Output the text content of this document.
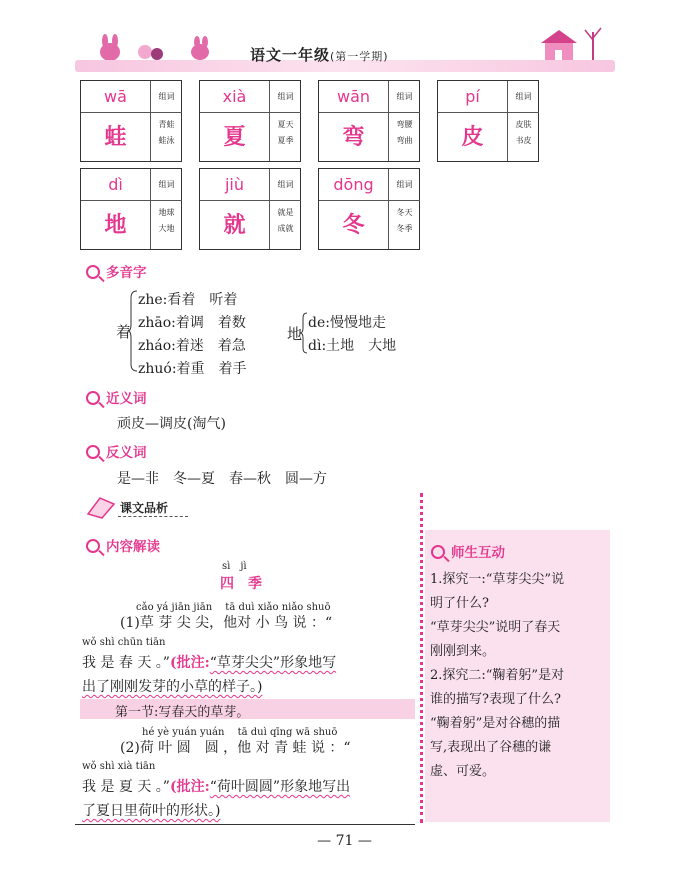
语文一年级(第一学期)
wā	组词
蛙	青蛙
蛙泳
xià	组词
夏	夏天
夏季
wān	组词
弯	弯腰
弯曲
pí	组词
皮	皮肤
书皮
dì	组词
地	地球
大地
jiù	组词
就	就是
成就
dōng	组词
冬	冬天
冬季
多音字
着
zhe:看着　听着
zhāo:着调　着数
zháo:着迷　着急
zhuó:着重　着手
地
de:慢慢地走
dì:土地　大地
近义词
顽皮—调皮(淘气)
反义词
是—非　冬—夏　春—秋　圆—方
课文品析
内容解读
sì　jì
四　季
cǎo yá jiān jiān　 tā duì xiǎo niǎo shuō
(1)草 芽 尖 尖，他对 小 鸟 说 ：“
wǒ shì chūn tiān
我 是 春 天 。”(批注:“草芽尖尖”形象地写
出了刚刚发芽的小草的样子。)
第一节:写春天的草芽。
hé yè yuán yuán　 tā duì qīng wā shuō
(2)荷 叶 圆　圆 ，他 对 青 蛙 说 ：“
wǒ shì xià tiān
我 是 夏 天 。”(批注:“荷叶圆圆”形象地写出
了夏日里荷叶的形状。)
师生互动
1.探究一:“草芽尖尖”说
明了什么?
“草芽尖尖”说明了春天
刚刚到来。
2.探究二:“鞠着躬”是对
谁的描写?表现了什么?
“鞠着躬”是对谷穗的描
写,表现出了谷穗的谦
虚、可爱。
— 71 —
